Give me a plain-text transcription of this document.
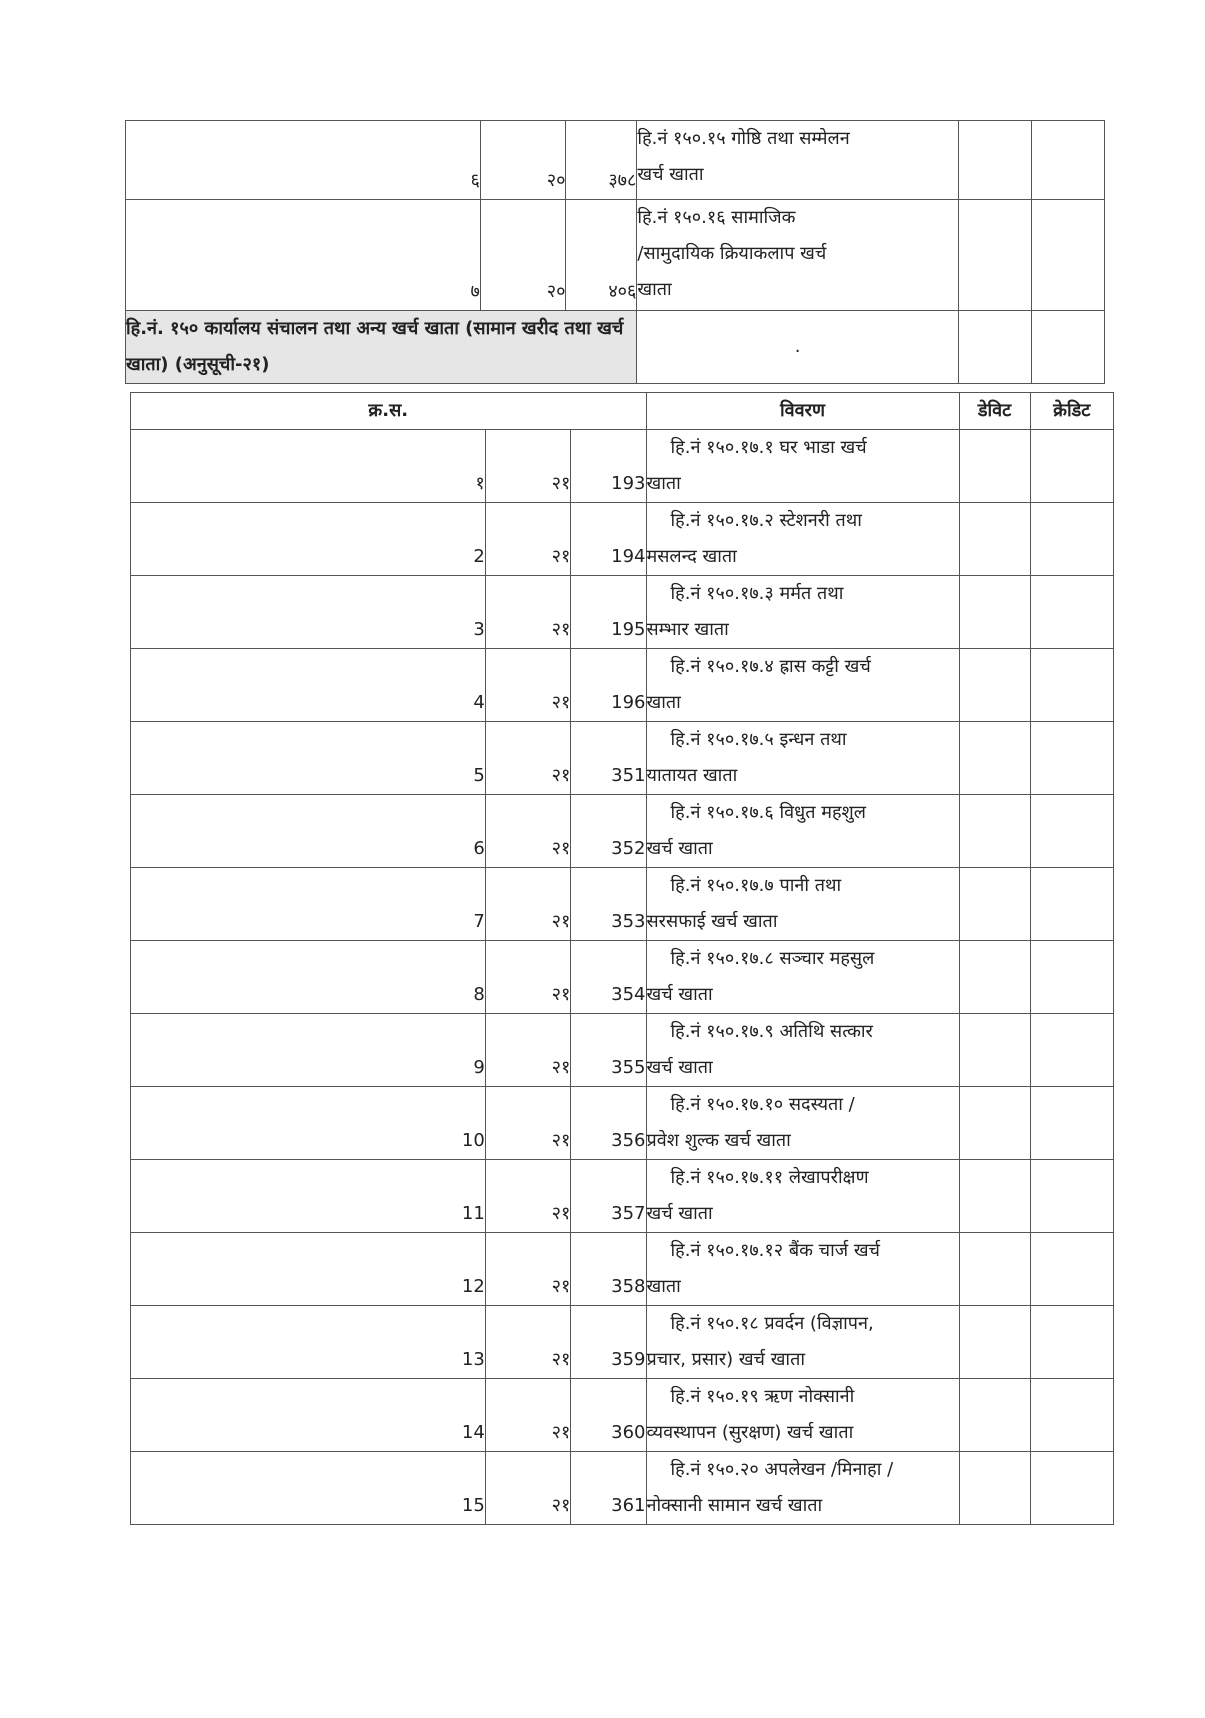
६	२०	३७८	हि.नं १५०.१५ गोष्ठि तथा सम्मेलन
खर्च खाता		

७	२०	४०६	हि.नं १५०.१६ सामाजिक
/सामुदायिक क्रियाकलाप खर्च
खाता		

हि.नं. १५० कार्यालय संचालन तथा अन्य खर्च खाता (सामान खरीद तथा खर्च खाता) (अनुसूची-२१)			.		
क्र.स.			विवरण	डेविट	क्रेडिट
१	२१	193	हि.नं १५०.१७.१ घर भाडा खर्च
खाता		

2	२१	194	हि.नं १५०.१७.२ स्टेशनरी तथा
मसलन्द खाता		

3	२१	195	हि.नं १५०.१७.३ मर्मत तथा
सम्भार खाता		

4	२१	196	हि.नं १५०.१७.४ ह्रास कट्टी खर्च
खाता		

5	२१	351	हि.नं १५०.१७.५ इन्धन तथा
यातायत खाता		

6	२१	352	हि.नं १५०.१७.६ विधुत महशुल
खर्च खाता		

7	२१	353	हि.नं १५०.१७.७ पानी तथा
सरसफाई खर्च खाता		

8	२१	354	हि.नं १५०.१७.८ सञ्चार महसुल
खर्च खाता		

9	२१	355	हि.नं १५०.१७.९ अतिथि सत्कार
खर्च खाता		

10	२१	356	हि.नं १५०.१७.१० सदस्यता /
प्रवेश शुल्क खर्च खाता		

11	२१	357	हि.नं १५०.१७.११ लेखापरीक्षण
खर्च खाता		

12	२१	358	हि.नं १५०.१७.१२ बैंक चार्ज खर्च
खाता		

13	२१	359	हि.नं १५०.१८ प्रवर्दन (विज्ञापन,
प्रचार, प्रसार) खर्च खाता		

14	२१	360	हि.नं १५०.१९ ऋण नोक्सानी
व्यवस्थापन (सुरक्षण) खर्च खाता		

15	२१	361	हि.नं १५०.२० अपलेखन /मिनाहा /
नोक्सानी सामान खर्च खाता		
